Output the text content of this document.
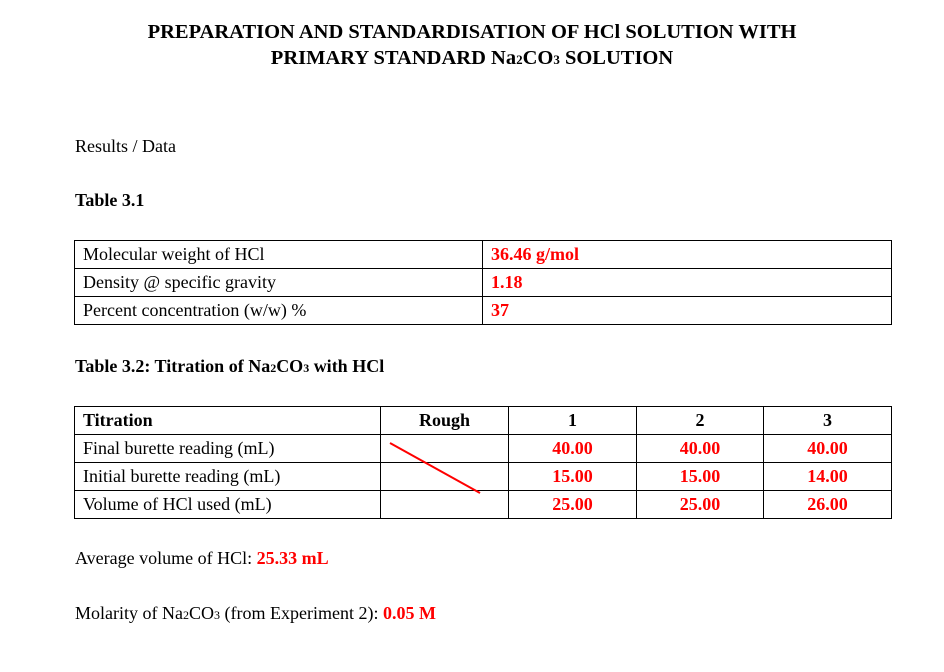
PREPARATION AND STANDARDISATION OF HCl SOLUTION WITH
PRIMARY STANDARD Na2CO3 SOLUTION
Results / Data
Table 3.1
Molecular weight of HCl	36.46 g/mol
Density @ specific gravity	1.18
Percent concentration (w/w) %	37
Table 3.2: Titration of Na2CO3 with HCl
Titration	Rough	1	2	3
Final burette reading (mL)		40.00	40.00	40.00
Initial burette reading (mL)		15.00	15.00	14.00
Volume of HCl used (mL)		25.00	25.00	26.00
Average volume of HCl: 25.33 mL
Molarity of Na2CO3 (from Experiment 2): 0.05 M
